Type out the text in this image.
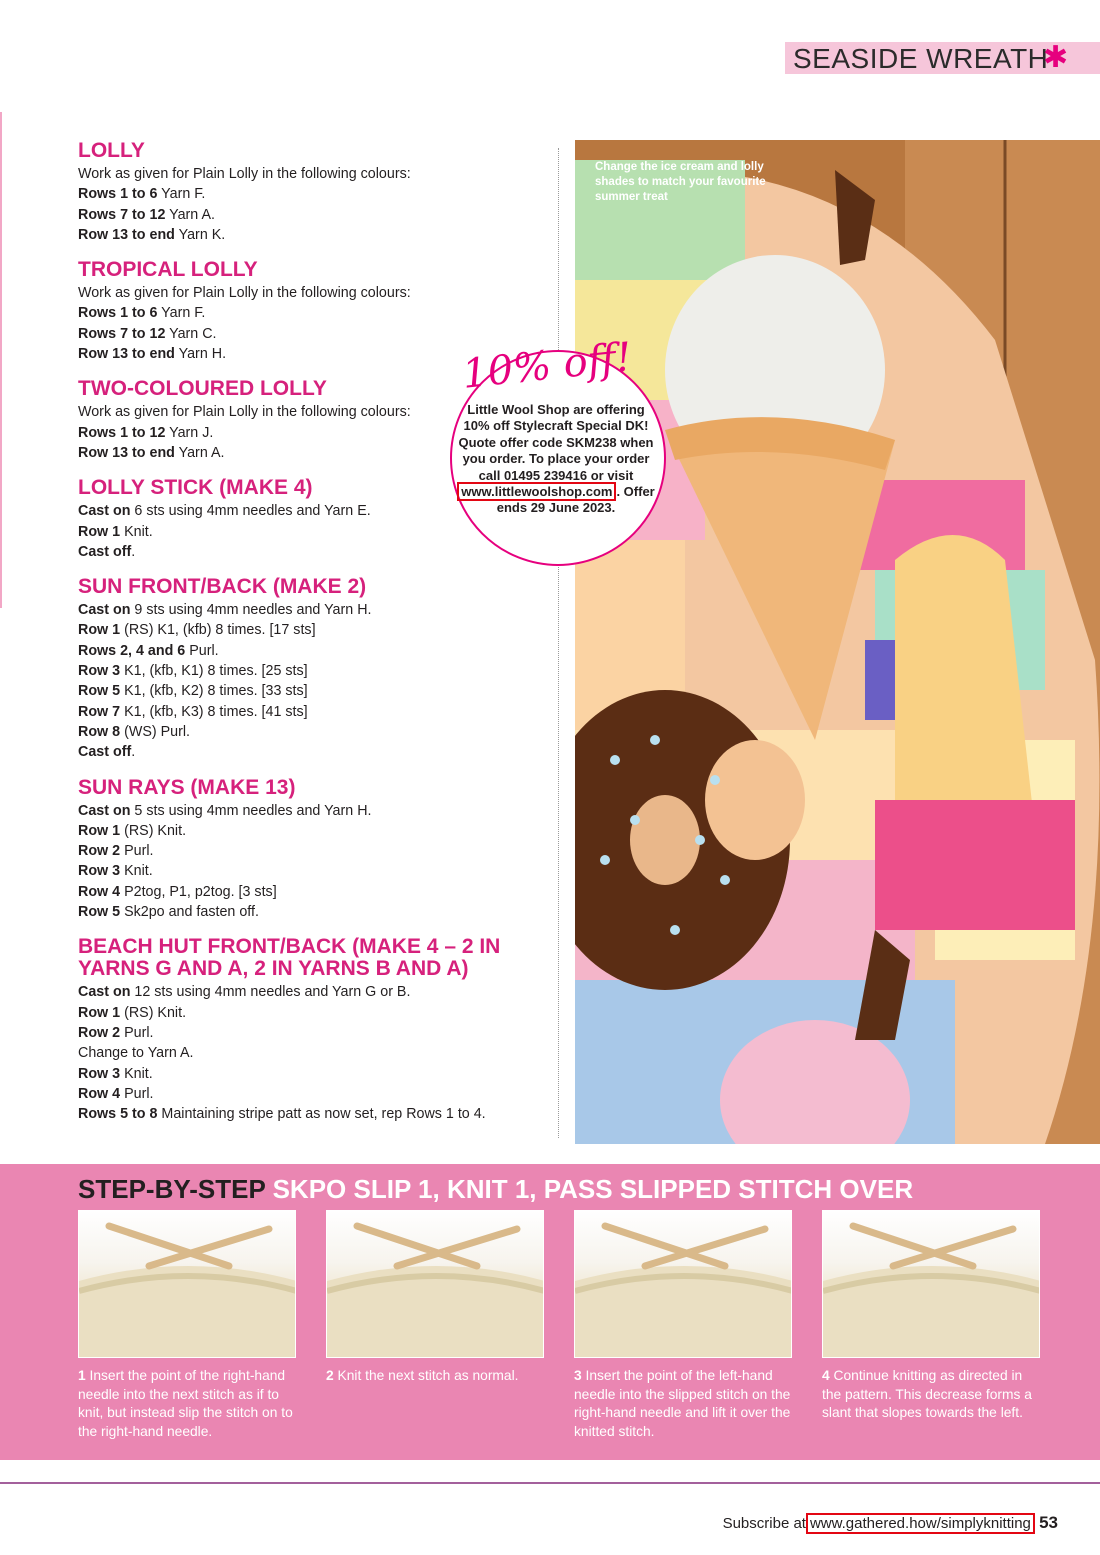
SEASIDE WREATH
✱
LOLLY

Work as given for Plain Lolly in the following colours:

Rows 1 to 6 Yarn F.

Rows 7 to 12 Yarn A.

Row 13 to end Yarn K.

TROPICAL LOLLY

Work as given for Plain Lolly in the following colours:

Rows 1 to 6 Yarn F.

Rows 7 to 12 Yarn C.

Row 13 to end Yarn H.

TWO-COLOURED LOLLY

Work as given for Plain Lolly in the following colours:

Rows 1 to 12 Yarn J.

Row 13 to end Yarn A.

LOLLY STICK (MAKE 4)

Cast on 6 sts using 4mm needles and Yarn E.

Row 1 Knit.

Cast off.

SUN FRONT/BACK (MAKE 2)

Cast on 9 sts using 4mm needles and Yarn H.

Row 1 (RS) K1, (kfb) 8 times. [17 sts]

Rows 2, 4 and 6 Purl.

Row 3 K1, (kfb, K1) 8 times. [25 sts]

Row 5 K1, (kfb, K2) 8 times. [33 sts]

Row 7 K1, (kfb, K3) 8 times. [41 sts]

Row 8 (WS) Purl.

Cast off.

SUN RAYS (MAKE 13)

Cast on 5 sts using 4mm needles and Yarn H.

Row 1 (RS) Knit.

Row 2 Purl.

Row 3 Knit.

Row 4 P2tog, P1, p2tog. [3 sts]

Row 5 Sk2po and fasten off.

BEACH HUT FRONT/BACK (MAKE 4 – 2 IN YARNS G AND A, 2 IN YARNS B AND A)

Cast on 12 sts using 4mm needles and Yarn G or B.

Row 1 (RS) Knit.

Row 2 Purl.

Change to Yarn A.

Row 3 Knit.

Row 4 Purl.

Rows 5 to 8 Maintaining stripe patt as now set, rep Rows 1 to 4.

Change the ice cream and lolly shades to match your favourite summer treat
10% off!
Little Wool Shop are offering 10% off Stylecraft Special DK! Quote offer code SKM238 when you order. To place your order call 01495 239416 or visit www.littlewoolshop.com . Offer ends 29 June 2023.
STEP-BY-STEP SKPO SLIP 1, KNIT 1, PASS SLIPPED STITCH OVER
1 Insert the point of the right-hand needle into the next stitch as if to knit, but instead slip the stitch on to the right-hand needle.
2 Knit the next stitch as normal.	3 Insert the point of the left-hand needle into the slipped stitch on the right-hand needle and lift it over the knitted stitch.
4 Continue knitting as directed in the pattern. This decrease forms a slant that slopes towards the left.
Subscribe at www.gathered.how/simplyknitting 53
